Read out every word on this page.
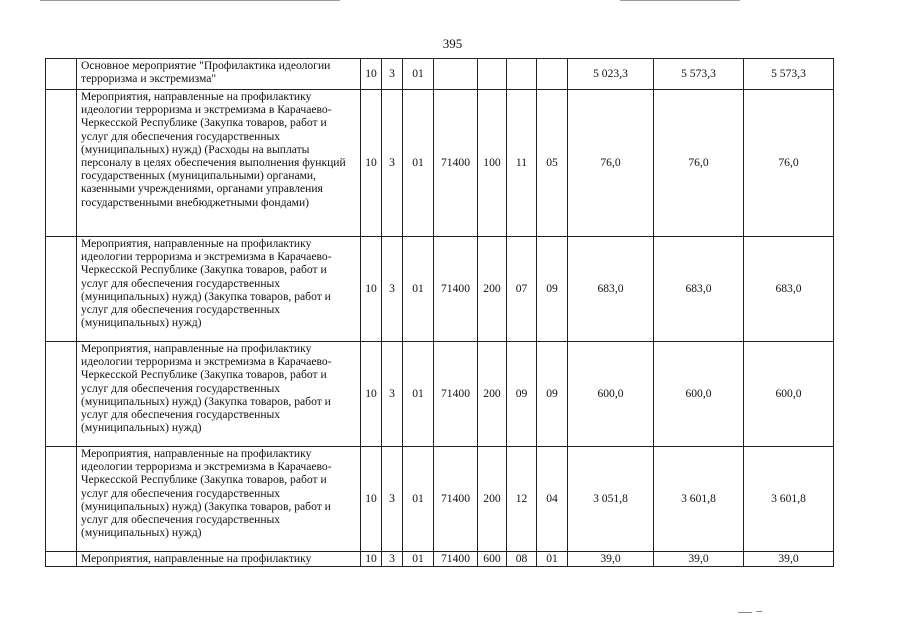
395
	Основное мероприятие "Профилактика идеологии терроризма и экстремизма"	10	3	01					5 023,3	5 573,3	5 573,3
	Мероприятия, направленные на профилактику идеологии терроризма и экстремизма в Карачаево-Черкесской Республике (Закупка товаров, работ и услуг для обеспечения государственных (муниципальных) нужд) (Расходы на выплаты персоналу в целях обеспечения выполнения функций государственных (муниципальными) органами, казенными учреждениями, органами управления государственными внебюджетными фондами)	10	3	01	71400	100	11	05	76,0	76,0	76,0
	Мероприятия, направленные на профилактику идеологии терроризма и экстремизма в Карачаево-Черкесской Республике (Закупка товаров, работ и услуг для обеспечения государственных (муниципальных) нужд) (Закупка товаров, работ и услуг для обеспечения государственных (муниципальных) нужд)	10	3	01	71400	200	07	09	683,0	683,0	683,0
	Мероприятия, направленные на профилактику идеологии терроризма и экстремизма в Карачаево-Черкесской Республике (Закупка товаров, работ и услуг для обеспечения государственных (муниципальных) нужд) (Закупка товаров, работ и услуг для обеспечения государственных (муниципальных) нужд)	10	3	01	71400	200	09	09	600,0	600,0	600,0
	Мероприятия, направленные на профилактику идеологии терроризма и экстремизма в Карачаево-Черкесской Республике (Закупка товаров, работ и услуг для обеспечения государственных (муниципальных) нужд) (Закупка товаров, работ и услуг для обеспечения государственных (муниципальных) нужд)	10	3	01	71400	200	12	04	3 051,8	3 601,8	3 601,8
	Мероприятия, направленные на профилактику	10	3	01	71400	600	08	01	39,0	39,0	39,0
